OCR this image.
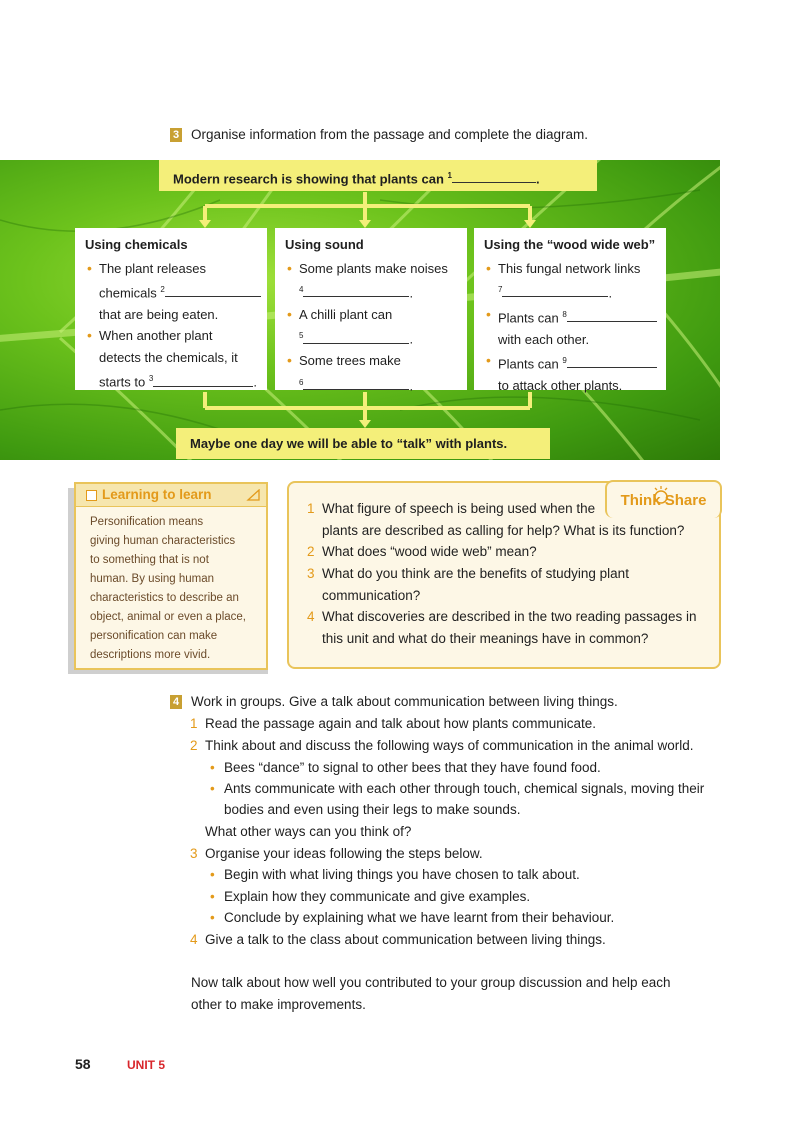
3 Organise information from the passage and complete the diagram.
Modern research is showing that plants can $^1$	.
Using chemicals
• The plant releases
chemicals $^2$
that are being eaten.
• When another plant
detects the chemicals, it
starts to $^3$	.
Using sound
• Some plants make noises
$^4$	.
• A chilli plant can
$^5$	.
• Some trees make
$^6$	.
Using the “wood wide web”
• This fungal network links
$^7$	.
• Plants can $^8$
with each other.
• Plants can $^9$
to attack other plants.
Maybe one day we will be able to “talk” with plants.
Learning to learn
Personification means
giving human characteristics
to something that is not
human. By using human
characteristics to describe an
object, animal or even a place,
personification can make
descriptions more vivid.
Think Share
1 What figure of speech is being used when the
plants are described as calling for help? What is its function?
2 What does “wood wide web” mean?
3 What do you think are the benefits of studying plant
communication?
4 What discoveries are described in the two reading passages in
this unit and what do their meanings have in common?
4 Work in groups. Give a talk about communication between living things.
1 Read the passage again and talk about how plants communicate.
2 Think about and discuss the following ways of communication in the animal world.
• Bees “dance” to signal to other bees that they have found food.
• Ants communicate with each other through touch, chemical signals, moving their
bodies and even using their legs to make sounds.
What other ways can you think of?
3 Organise your ideas following the steps below.
• Begin with what living things you have chosen to talk about.
• Explain how they communicate and give examples.
• Conclude by explaining what we have learnt from their behaviour.
4 Give a talk to the class about communication between living things.
Now talk about how well you contributed to your group discussion and help each
other to make improvements.
58	UNIT 5
